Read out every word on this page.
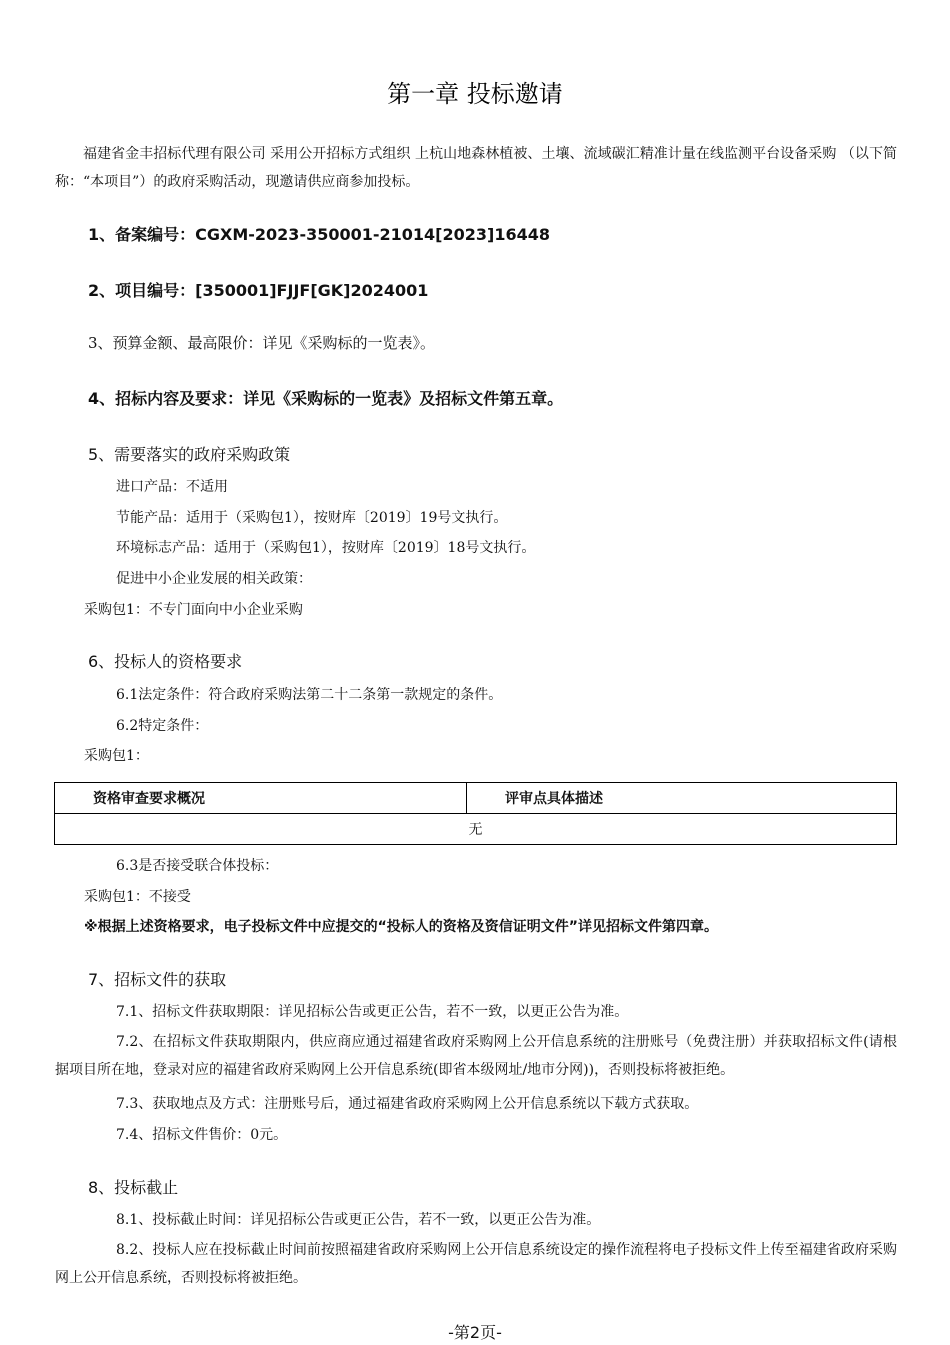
第一章 投标邀请
福建省金丰招标代理有限公司 采用公开招标方式组织 上杭山地森林植被、土壤、流域碳汇精准计量在线监测平台设备采购 （以下简称：“本项目”）的政府采购活动，现邀请供应商参加投标。
1、备案编号：CGXM-2023-350001-21014[2023]16448
2、项目编号：[350001]FJJF[GK]2024001
3、预算金额、最高限价：详见《采购标的一览表》。
4、招标内容及要求：详见《采购标的一览表》及招标文件第五章。
5、需要落实的政府采购政策
进口产品：不适用
节能产品：适用于（采购包1），按财库〔2019〕19号文执行。
环境标志产品：适用于（采购包1），按财库〔2019〕18号文执行。
促进中小企业发展的相关政策：
采购包1：不专门面向中小企业采购
6、投标人的资格要求
6.1法定条件：符合政府采购法第二十二条第一款规定的条件。
6.2特定条件：
采购包1：
资格审查要求概况	评审点具体描述
无
6.3是否接受联合体投标：
采购包1：不接受
※根据上述资格要求，电子投标文件中应提交的“投标人的资格及资信证明文件”详见招标文件第四章。
7、招标文件的获取
7.1、招标文件获取期限：详见招标公告或更正公告，若不一致，以更正公告为准。
7.2、在招标文件获取期限内，供应商应通过福建省政府采购网上公开信息系统的注册账号（免费注册）并获取招标文件(请根据项目所在地，登录对应的福建省政府采购网上公开信息系统(即省本级网址/地市分网))，否则投标将被拒绝。
7.3、获取地点及方式：注册账号后，通过福建省政府采购网上公开信息系统以下载方式获取。
7.4、招标文件售价：0元。
8、投标截止
8.1、投标截止时间：详见招标公告或更正公告，若不一致，以更正公告为准。
8.2、投标人应在投标截止时间前按照福建省政府采购网上公开信息系统设定的操作流程将电子投标文件上传至福建省政府采购网上公开信息系统，否则投标将被拒绝。
-第2页-
